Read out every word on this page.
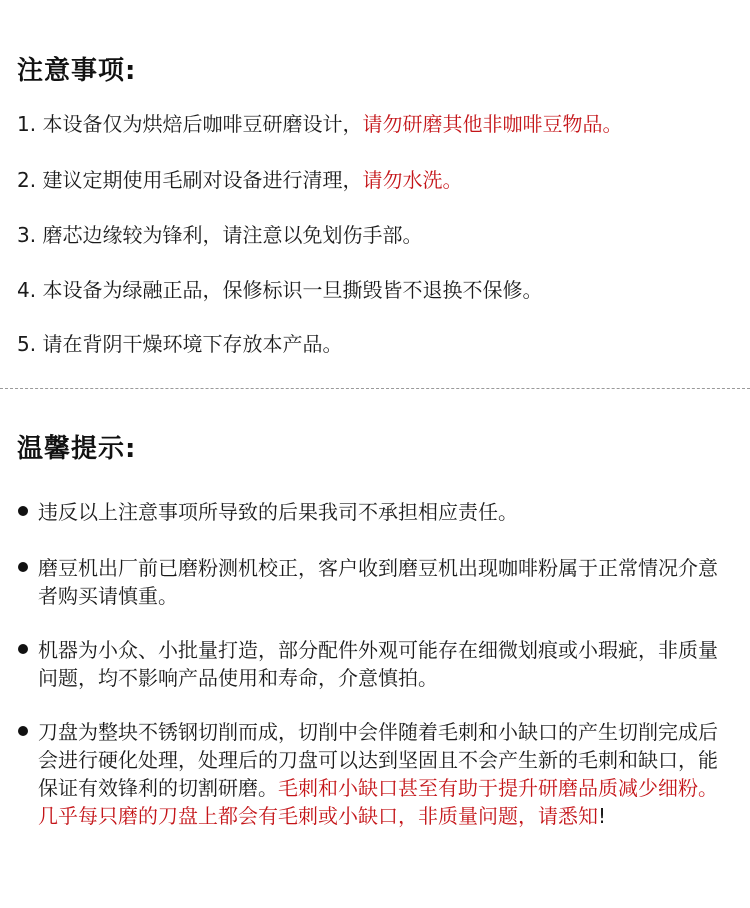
注意事项:
1. 本设备仅为烘焙后咖啡豆研磨设计，请勿研磨其他非咖啡豆物品。
2. 建议定期使用毛刷对设备进行清理，请勿水洗。
3. 磨芯边缘较为锋利，请注意以免划伤手部。
4. 本设备为绿融正品，保修标识一旦撕毁皆不退换不保修。
5. 请在背阴干燥环境下存放本产品。
温馨提示:
违反以上注意事项所导致的后果我司不承担相应责任。
磨豆机出厂前已磨粉测机校正，客户收到磨豆机出现咖啡粉属于正常情况介意者购买请慎重。
机器为小众、小批量打造，部分配件外观可能存在细微划痕或小瑕疵，非质量问题，均不影响产品使用和寿命，介意慎拍。
刀盘为整块不锈钢切削而成，切削中会伴随着毛刺和小缺口的产生切削完成后会进行硬化处理，处理后的刀盘可以达到坚固且不会产生新的毛刺和缺口，能保证有效锋利的切割研磨。毛刺和小缺口甚至有助于提升研磨品质减少细粉。几乎每只磨的刀盘上都会有毛刺或小缺口，非质量问题，请悉知!
